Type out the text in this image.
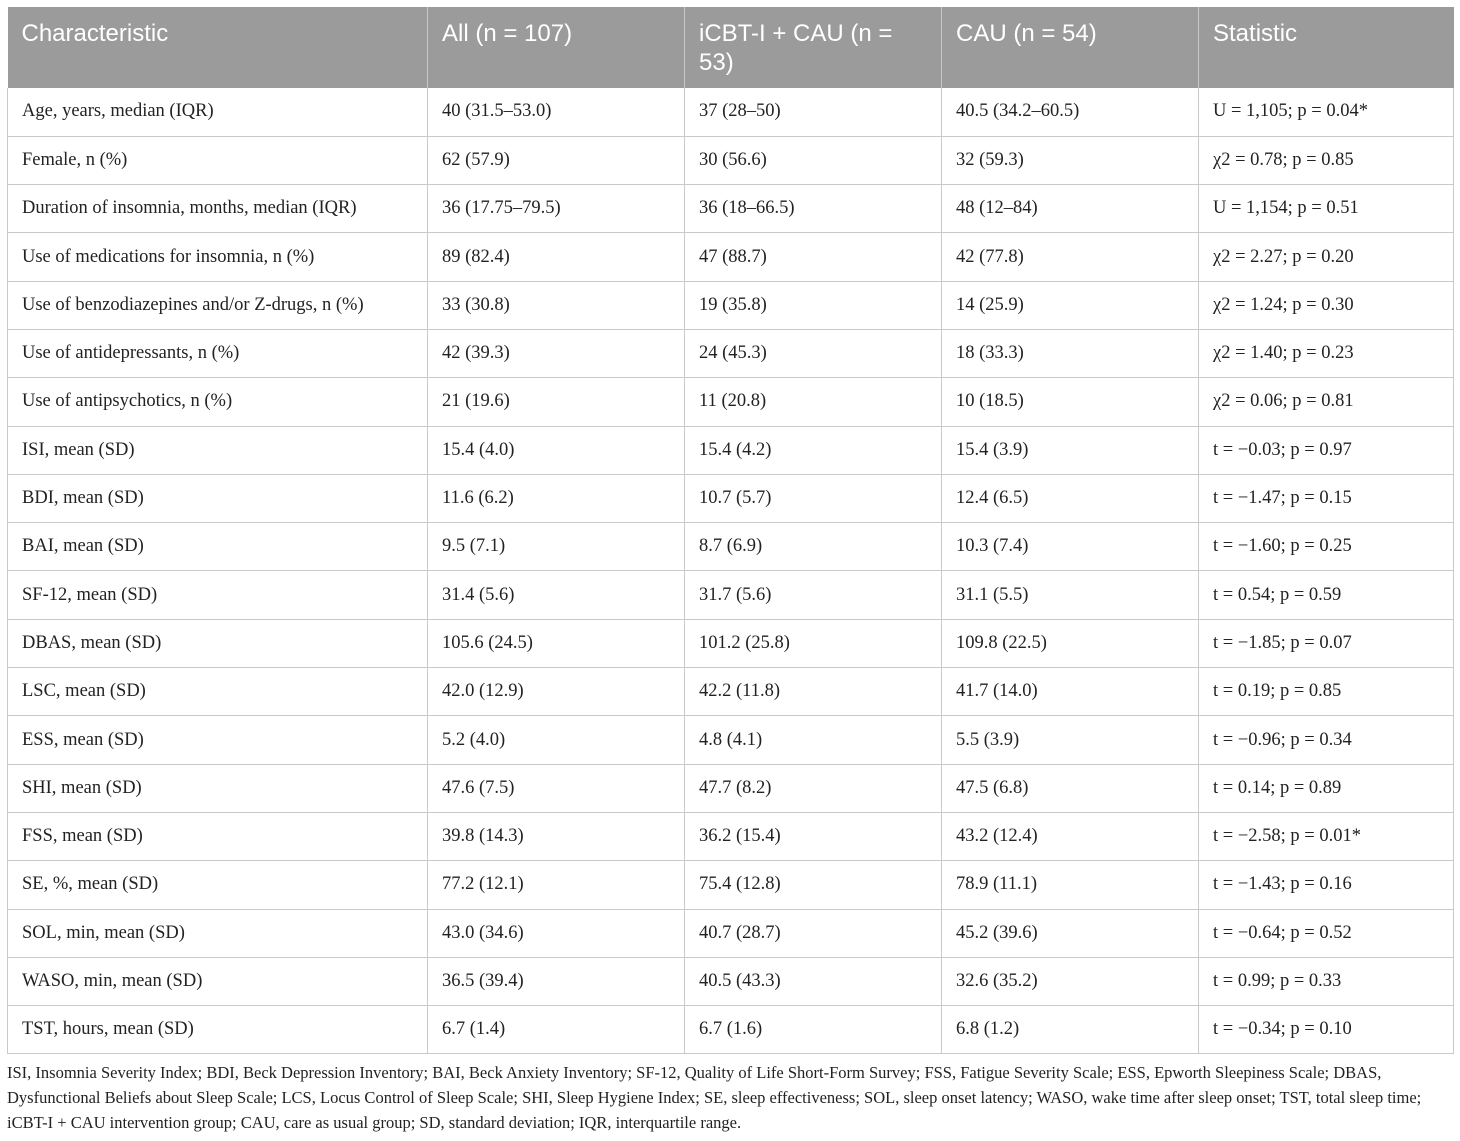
Characteristic	All (n = 107)	iCBT-I + CAU (n = 53)	CAU (n = 54)	Statistic
Age, years, median (IQR)	40 (31.5–53.0)	37 (28–50)	40.5 (34.2–60.5)	U = 1,105; p = 0.04*
Female, n (%)	62 (57.9)	30 (56.6)	32 (59.3)	χ2 = 0.78; p = 0.85
Duration of insomnia, months, median (IQR)	36 (17.75–79.5)	36 (18–66.5)	48 (12–84)	U = 1,154; p = 0.51
Use of medications for insomnia, n (%)	89 (82.4)	47 (88.7)	42 (77.8)	χ2 = 2.27; p = 0.20
Use of benzodiazepines and/or Z-drugs, n (%)	33 (30.8)	19 (35.8)	14 (25.9)	χ2 = 1.24; p = 0.30
Use of antidepressants, n (%)	42 (39.3)	24 (45.3)	18 (33.3)	χ2 = 1.40; p = 0.23
Use of antipsychotics, n (%)	21 (19.6)	11 (20.8)	10 (18.5)	χ2 = 0.06; p = 0.81
ISI, mean (SD)	15.4 (4.0)	15.4 (4.2)	15.4 (3.9)	t = −0.03; p = 0.97
BDI, mean (SD)	11.6 (6.2)	10.7 (5.7)	12.4 (6.5)	t = −1.47; p = 0.15
BAI, mean (SD)	9.5 (7.1)	8.7 (6.9)	10.3 (7.4)	t = −1.60; p = 0.25
SF-12, mean (SD)	31.4 (5.6)	31.7 (5.6)	31.1 (5.5)	t = 0.54; p = 0.59
DBAS, mean (SD)	105.6 (24.5)	101.2 (25.8)	109.8 (22.5)	t = −1.85; p = 0.07
LSC, mean (SD)	42.0 (12.9)	42.2 (11.8)	41.7 (14.0)	t = 0.19; p = 0.85
ESS, mean (SD)	5.2 (4.0)	4.8 (4.1)	5.5 (3.9)	t = −0.96; p = 0.34
SHI, mean (SD)	47.6 (7.5)	47.7 (8.2)	47.5 (6.8)	t = 0.14; p = 0.89
FSS, mean (SD)	39.8 (14.3)	36.2 (15.4)	43.2 (12.4)	t = −2.58; p = 0.01*
SE, %, mean (SD)	77.2 (12.1)	75.4 (12.8)	78.9 (11.1)	t = −1.43; p = 0.16
SOL, min, mean (SD)	43.0 (34.6)	40.7 (28.7)	45.2 (39.6)	t = −0.64; p = 0.52
WASO, min, mean (SD)	36.5 (39.4)	40.5 (43.3)	32.6 (35.2)	t = 0.99; p = 0.33
TST, hours, mean (SD)	6.7 (1.4)	6.7 (1.6)	6.8 (1.2)	t = −0.34; p = 0.10
ISI, Insomnia Severity Index; BDI, Beck Depression Inventory; BAI, Beck Anxiety Inventory; SF-12, Quality of Life Short-Form Survey; FSS, Fatigue Severity Scale; ESS, Epworth Sleepiness Scale; DBAS, Dysfunctional Beliefs about Sleep Scale; LCS, Locus Control of Sleep Scale; SHI, Sleep Hygiene Index; SE, sleep effectiveness; SOL, sleep onset latency; WASO, wake time after sleep onset; TST, total sleep time; iCBT-I + CAU intervention group; CAU, care as usual group; SD, standard deviation; IQR, interquartile range.
